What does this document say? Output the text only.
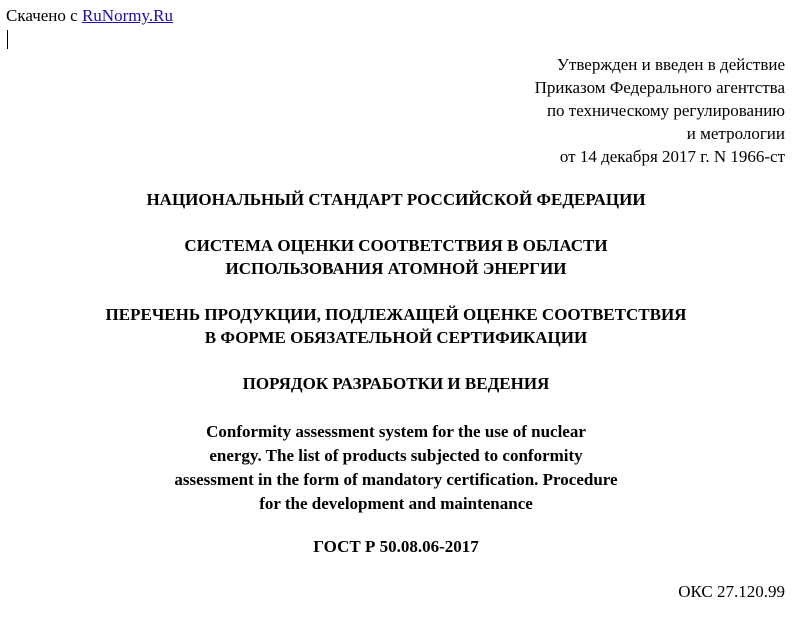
Скачено с RuNormy.Ru
Утвержден и введен в действие
Приказом Федерального агентства
по техническому регулированию
и метрологии
от 14 декабря 2017 г. N 1966-ст
НАЦИОНАЛЬНЫЙ СТАНДАРТ РОССИЙСКОЙ ФЕДЕРАЦИИ
СИСТЕМА ОЦЕНКИ СООТВЕТСТВИЯ В ОБЛАСТИ
ИСПОЛЬЗОВАНИЯ АТОМНОЙ ЭНЕРГИИ
ПЕРЕЧЕНЬ ПРОДУКЦИИ, ПОДЛЕЖАЩЕЙ ОЦЕНКЕ СООТВЕТСТВИЯ
В ФОРМЕ ОБЯЗАТЕЛЬНОЙ СЕРТИФИКАЦИИ
ПОРЯДОК РАЗРАБОТКИ И ВЕДЕНИЯ
Conformity assessment system for the use of nuclear
energy. The list of products subjected to conformity
assessment in the form of mandatory certification. Procedure
for the development and maintenance
ГОСТ Р 50.08.06-2017
ОКС 27.120.99
